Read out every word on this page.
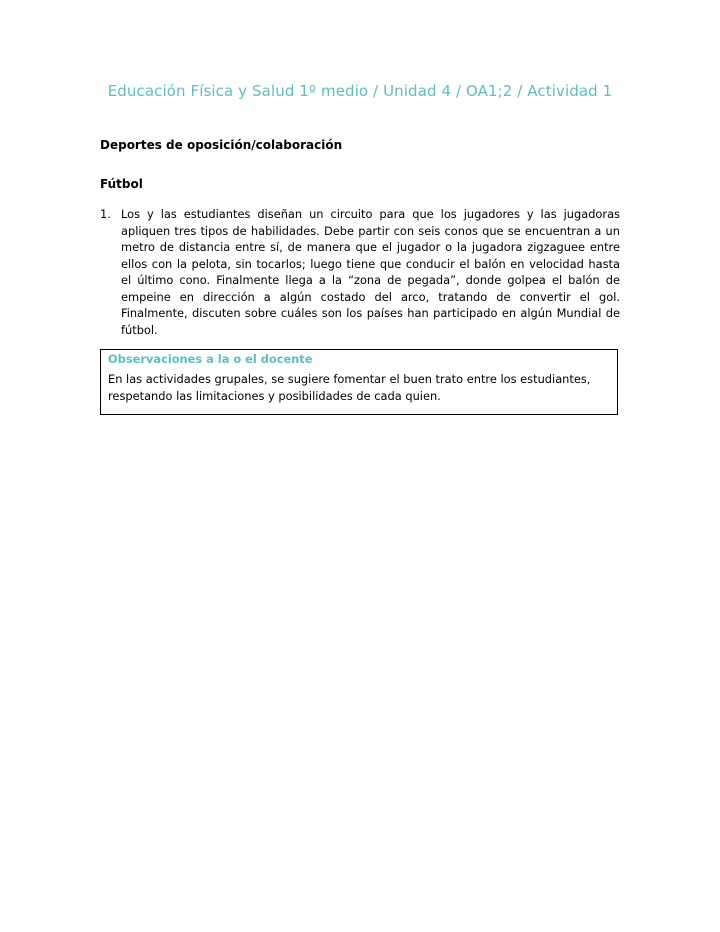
Educación Física y Salud 1º medio / Unidad 4 / OA1;2 / Actividad 1
Deportes de oposición/colaboración
Fútbol
1. Los y las estudiantes diseñan un circuito para que los jugadores y las jugadoras apliquen tres tipos de habilidades. Debe partir con seis conos que se encuentran a un metro de distancia entre sí, de manera que el jugador o la jugadora zigzaguee entre ellos con la pelota, sin tocarlos; luego tiene que conducir el balón en velocidad hasta el último cono. Finalmente llega a la “zona de pegada”, donde golpea el balón de empeine en dirección a algún costado del arco, tratando de convertir el gol. Finalmente, discuten sobre cuáles son los países han participado en algún Mundial de fútbol.
Observaciones a la o el docente
En las actividades grupales, se sugiere fomentar el buen trato entre los estudiantes, respetando las limitaciones y posibilidades de cada quien.
